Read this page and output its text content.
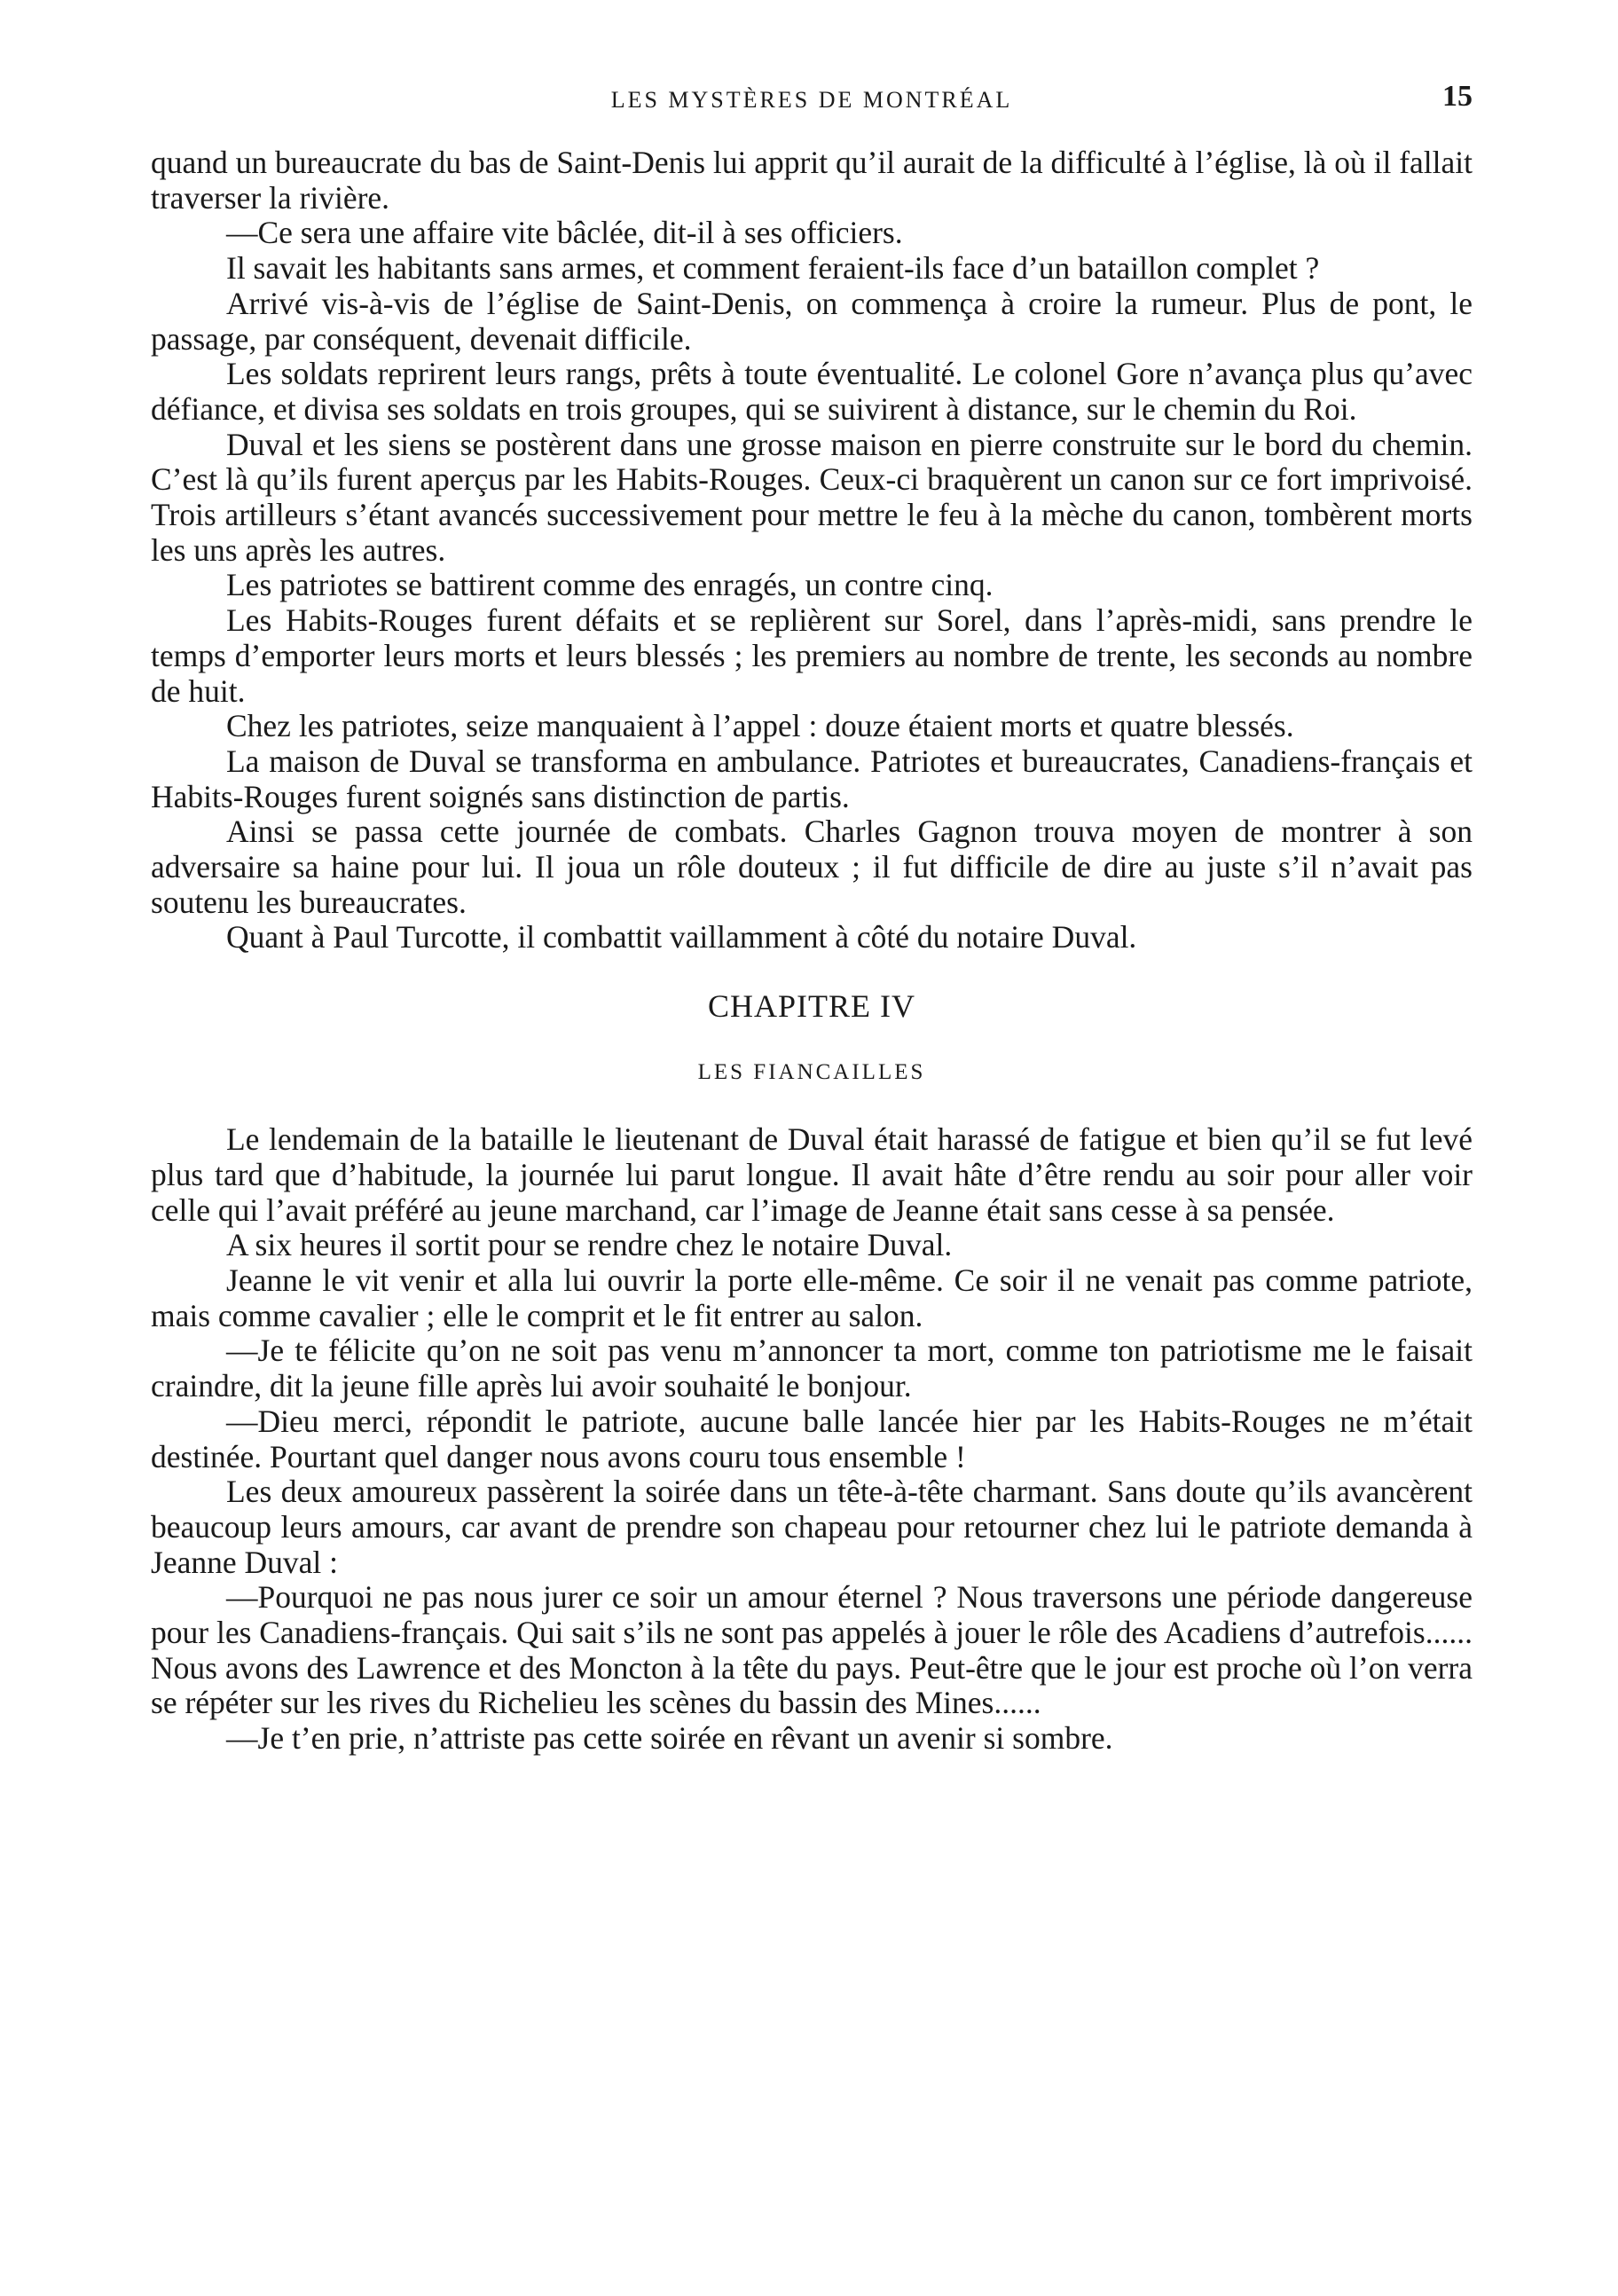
LES MYSTÈRES DE MONTRÉAL	15

quand un bureaucrate du bas de Saint-Denis lui apprit qu’il aurait de la difficulté à l’église, là où il fallait traverser la rivière.

—Ce sera une affaire vite bâclée, dit-il à ses officiers.

Il savait les habitants sans armes, et comment feraient-ils face d’un bataillon complet ?

Arrivé vis-à-vis de l’église de Saint-Denis, on commença à croire la rumeur. Plus de pont, le passage, par conséquent, devenait difficile.

Les soldats reprirent leurs rangs, prêts à toute éventualité. Le colonel Gore n’avança plus qu’avec défiance, et divisa ses soldats en trois groupes, qui se suivirent à distance, sur le chemin du Roi.

Duval et les siens se postèrent dans une grosse maison en pierre construite sur le bord du chemin. C’est là qu’ils furent aperçus par les Habits-Rouges. Ceux-ci braquèrent un canon sur ce fort imprivoisé. Trois artilleurs s’étant avancés successivement pour mettre le feu à la mèche du canon, tombèrent morts les uns après les autres.

Les patriotes se battirent comme des enragés, un contre cinq.

Les Habits-Rouges furent défaits et se replièrent sur Sorel, dans l’après-midi, sans prendre le temps d’emporter leurs morts et leurs blessés ; les premiers au nombre de trente, les seconds au nombre de huit.

Chez les patriotes, seize manquaient à l’appel : douze étaient morts et quatre blessés.

La maison de Duval se transforma en ambulance. Patriotes et bureaucrates, Canadiens-français et Habits-Rouges furent soignés sans distinction de partis.

Ainsi se passa cette journée de combats. Charles Gagnon trouva moyen de montrer à son adversaire sa haine pour lui. Il joua un rôle douteux ; il fut difficile de dire au juste s’il n’avait pas soutenu les bureaucrates.

Quant à Paul Turcotte, il combattit vaillamment à côté du notaire Duval.

CHAPITRE IV
LES FIANCAILLES

Le lendemain de la bataille le lieutenant de Duval était harassé de fatigue et bien qu’il se fut levé plus tard que d’habitude, la journée lui parut longue. Il avait hâte d’être rendu au soir pour aller voir celle qui l’avait préféré au jeune marchand, car l’image de Jeanne était sans cesse à sa pensée.

A six heures il sortit pour se rendre chez le notaire Duval.

Jeanne le vit venir et alla lui ouvrir la porte elle-même. Ce soir il ne venait pas comme patriote, mais comme cavalier ; elle le comprit et le fit entrer au salon.

—Je te félicite qu’on ne soit pas venu m’annoncer ta mort, comme ton patriotisme me le faisait craindre, dit la jeune fille après lui avoir souhaité le bonjour.

—Dieu merci, répondit le patriote, aucune balle lancée hier par les Habits-Rouges ne m’était destinée. Pourtant quel danger nous avons couru tous ensemble !

Les deux amoureux passèrent la soirée dans un tête-à-tête charmant. Sans doute qu’ils avancèrent beaucoup leurs amours, car avant de prendre son chapeau pour retourner chez lui le patriote demanda à Jeanne Duval :

—Pourquoi ne pas nous jurer ce soir un amour éternel ? Nous traversons une période dangereuse pour les Canadiens-français. Qui sait s’ils ne sont pas appelés à jouer le rôle des Acadiens d’autrefois...... Nous avons des Lawrence et des Moncton à la tête du pays. Peut-être que le jour est proche où l’on verra se répéter sur les rives du Richelieu les scènes du bassin des Mines......

—Je t’en prie, n’attriste pas cette soirée en rêvant un avenir si sombre.
